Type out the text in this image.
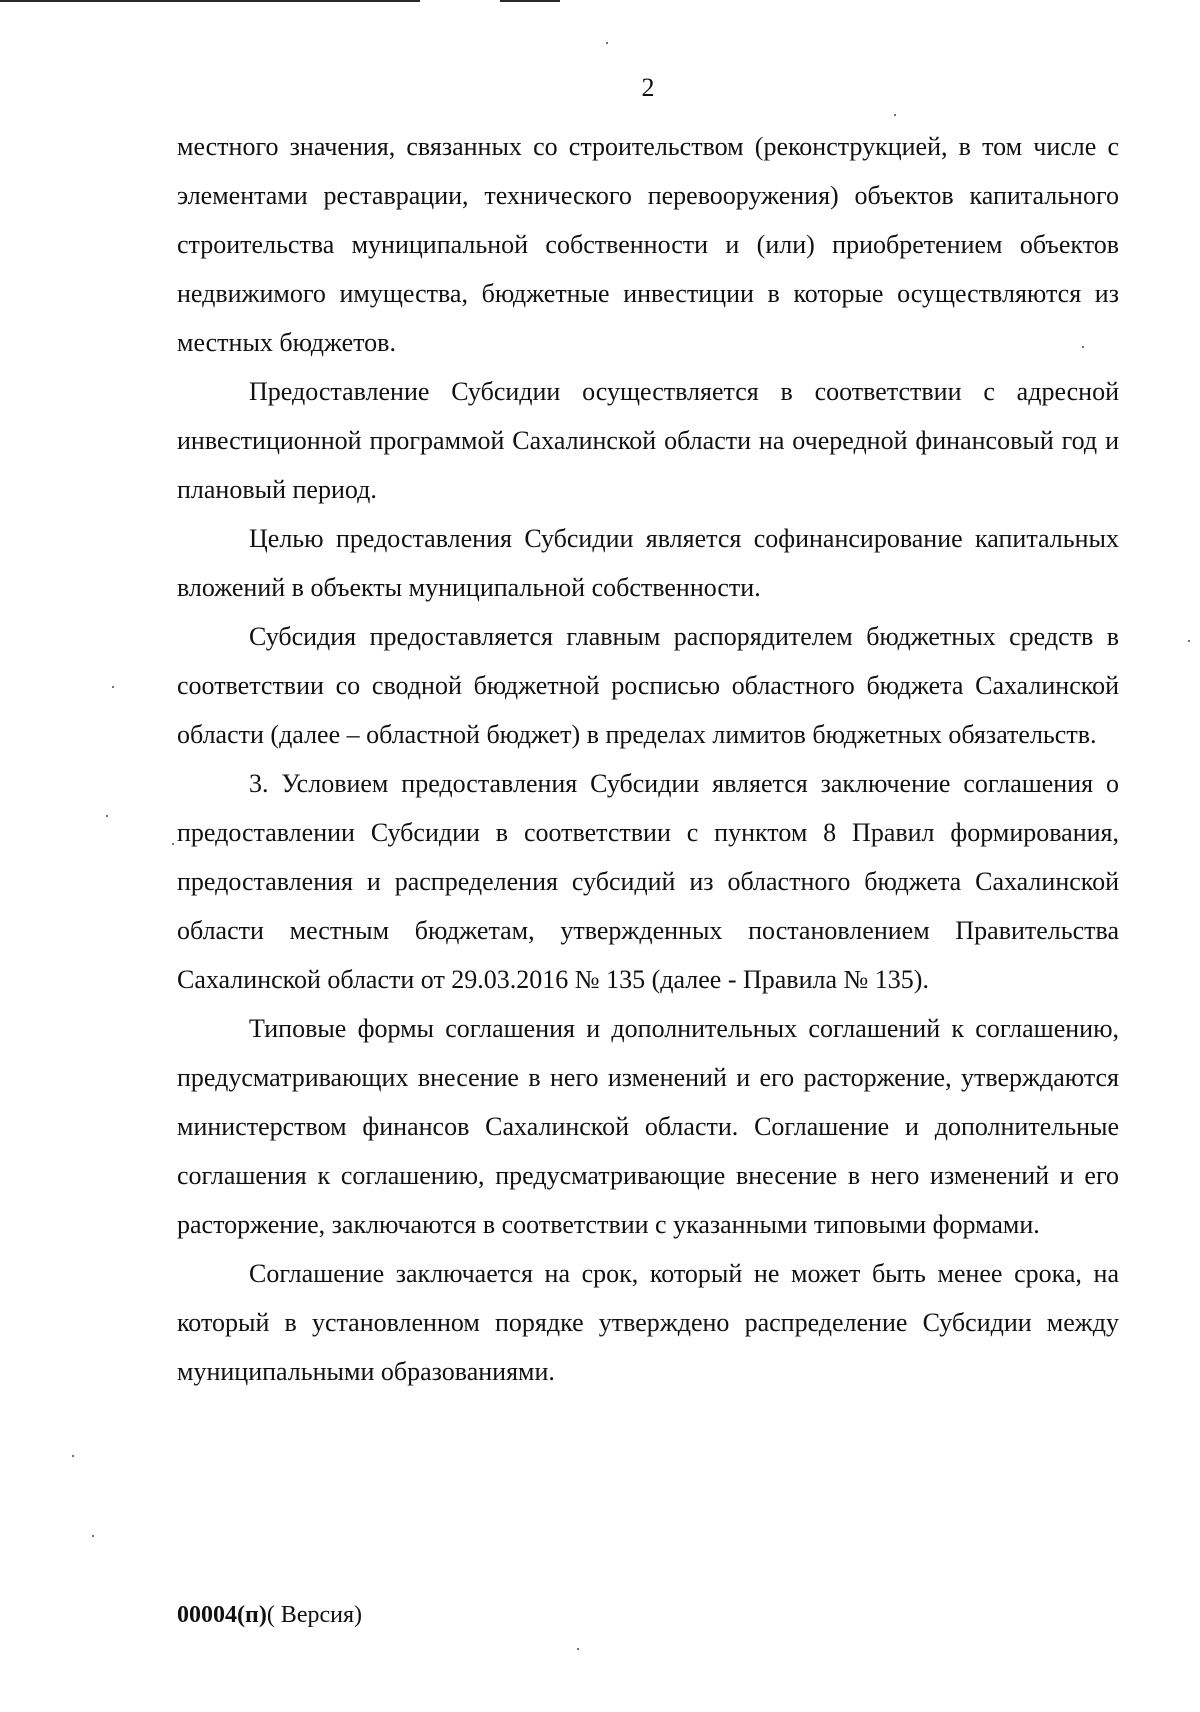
2

местного значения, связанных со строительством (реконструкцией, в том числе с элементами реставрации, технического перевооружения) объектов капитального строительства муниципальной собственности и (или) приобретением объектов недвижимого имущества, бюджетные инвестиции в которые осуществляются из местных бюджетов.

Предоставление Субсидии осуществляется в соответствии с адресной инвестиционной программой Сахалинской области на очередной финансовый год и плановый период.

Целью предоставления Субсидии является софинансирование капитальных вложений в объекты муниципальной собственности.

Субсидия предоставляется главным распорядителем бюджетных средств в соответствии со сводной бюджетной росписью областного бюджета Сахалинской области (далее – областной бюджет) в пределах лимитов бюджетных обязательств.

3. Условием предоставления Субсидии является заключение соглашения о предоставлении Субсидии в соответствии с пунктом 8 Правил формирования, предоставления и распределения субсидий из областного бюджета Сахалинской области местным бюджетам, утвержденных постановлением Правительства Сахалинской области от 29.03.2016 № 135 (далее - Правила № 135).

Типовые формы соглашения и дополнительных соглашений к соглашению, предусматривающих внесение в него изменений и его расторжение, утверждаются министерством финансов Сахалинской области. Соглашение и дополнительные соглашения к соглашению, предусматривающие внесение в него изменений и его расторжение, заключаются в соответствии с указанными типовыми формами.

Соглашение заключается на срок, который не может быть менее срока, на который в установленном порядке утверждено распределение Субсидии между муниципальными образованиями.

00004(п)( Версия)
